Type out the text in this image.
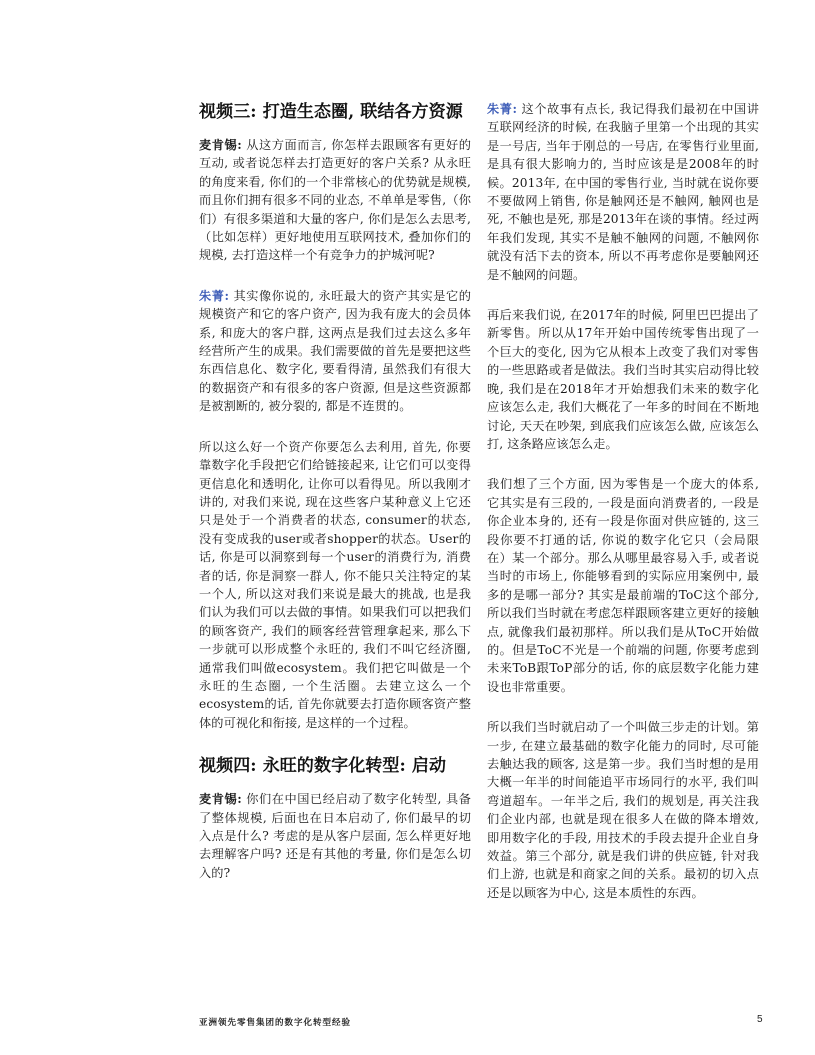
视频三: 打造生态圈, 联结各方资源

麦肯锡: 从这方面而言, 你怎样去跟顾客有更好的互动, 或者说怎样去打造更好的客户关系? 从永旺的角度来看, 你们的一个非常核心的优势就是规模, 而且你们拥有很多不同的业态, 不单单是零售,（你们）有很多渠道和大量的客户, 你们是怎么去思考,（比如怎样）更好地使用互联网技术, 叠加你们的规模, 去打造这样一个有竞争力的护城河呢?

朱菁: 其实像你说的, 永旺最大的资产其实是它的规模资产和它的客户资产, 因为我有庞大的会员体系, 和庞大的客户群, 这两点是我们过去这么多年经营所产生的成果。我们需要做的首先是要把这些东西信息化、数字化, 要看得清, 虽然我们有很大的数据资产和有很多的客户资源, 但是这些资源都是被割断的, 被分裂的, 都是不连贯的。

所以这么好一个资产你要怎么去利用, 首先, 你要靠数字化手段把它们给链接起来, 让它们可以变得更信息化和透明化, 让你可以看得见。所以我刚才讲的, 对我们来说, 现在这些客户某种意义上它还只是处于一个消费者的状态, consumer的状态, 没有变成我的user或者shopper的状态。User的话, 你是可以洞察到每一个user的消费行为, 消费者的话, 你是洞察一群人, 你不能只关注特定的某一个人, 所以这对我们来说是最大的挑战, 也是我们认为我们可以去做的事情。如果我们可以把我们的顾客资产, 我们的顾客经营管理拿起来, 那么下一步就可以形成整个永旺的, 我们不叫它经济圈, 通常我们叫做ecosystem。我们把它叫做是一个永旺的生态圈, 一个生活圈。去建立这么一个ecosystem的话, 首先你就要去打造你顾客资产整体的可视化和衔接, 是这样的一个过程。

视频四: 永旺的数字化转型: 启动

麦肯锡: 你们在中国已经启动了数字化转型, 具备了整体规模, 后面也在日本启动了, 你们最早的切入点是什么? 考虑的是从客户层面, 怎么样更好地去理解客户吗? 还是有其他的考量, 你们是怎么切入的?

朱菁: 这个故事有点长, 我记得我们最初在中国讲互联网经济的时候, 在我脑子里第一个出现的其实是一号店, 当年于刚总的一号店, 在零售行业里面, 是具有很大影响力的, 当时应该是是2008年的时候。2013年, 在中国的零售行业, 当时就在说你要不要做网上销售, 你是触网还是不触网, 触网也是死, 不触也是死, 那是2013年在谈的事情。经过两年我们发现, 其实不是触不触网的问题, 不触网你就没有活下去的资本, 所以不再考虑你是要触网还是不触网的问题。

再后来我们说, 在2017年的时候, 阿里巴巴提出了新零售。所以从17年开始中国传统零售出现了一个巨大的变化, 因为它从根本上改变了我们对零售的一些思路或者是做法。我们当时其实启动得比较晚, 我们是在2018年才开始想我们未来的数字化应该怎么走, 我们大概花了一年多的时间在不断地讨论, 天天在吵架, 到底我们应该怎么做, 应该怎么打, 这条路应该怎么走。

我们想了三个方面, 因为零售是一个庞大的体系, 它其实是有三段的, 一段是面向消费者的, 一段是你企业本身的, 还有一段是你面对供应链的, 这三段你要不打通的话, 你说的数字化它只（会局限在）某一个部分。那么从哪里最容易入手, 或者说当时的市场上, 你能够看到的实际应用案例中, 最多的是哪一部分? 其实是最前端的ToC这个部分, 所以我们当时就在考虑怎样跟顾客建立更好的接触点, 就像我们最初那样。所以我们是从ToC开始做的。但是ToC不光是一个前端的问题, 你要考虑到未来ToB跟ToP部分的话, 你的底层数字化能力建设也非常重要。

所以我们当时就启动了一个叫做三步走的计划。第一步, 在建立最基础的数字化能力的同时, 尽可能去触达我的顾客, 这是第一步。我们当时想的是用大概一年半的时间能追平市场同行的水平, 我们叫弯道超车。一年半之后, 我们的规划是, 再关注我们企业内部, 也就是现在很多人在做的降本增效, 即用数字化的手段, 用技术的手段去提升企业自身效益。第三个部分, 就是我们讲的供应链, 针对我们上游, 也就是和商家之间的关系。最初的切入点还是以顾客为中心, 这是本质性的东西。

亚洲领先零售集团的数字化转型经验	5
